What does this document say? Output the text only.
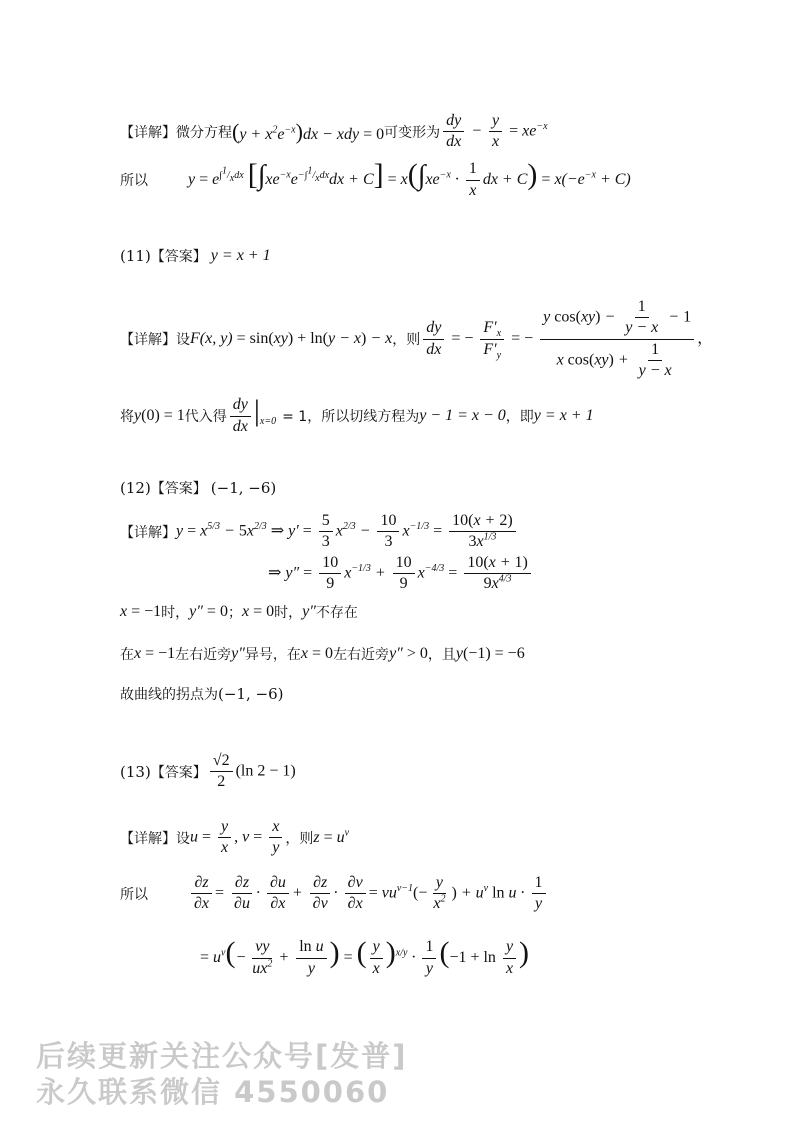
【详解】 微分方程 $(y + x^2e^{-x})dx$ − xdy = 0 可变形为 $\frac{dy}{dx} - \frac{y}{x} = xe^{-x}$
所以	$y = e^{\int^1/_xdx}$ $[\int xe^{-x}e^{-\int^1/_xdx}dx + C] = x(\int xe^{-x} \cdot \frac{1}{x}$ dx + $C) = x(-e^{-x} + C)$
(11) 【答案】 y = x + 1
【详解】 设 F(x, y) = sin(xy) + ln(y − x) − x ，则 $\frac{dy}{dx}$ = − $\frac{F'_x}{F'_y}$ = − $\frac{y \cos(xy) - \frac{1}{y - x} - 1}{x \cos(xy) + \frac{1}{y - x}}$ ，
将 y(0) = 1 代入得 $\frac{dy}{dx} |_{x=0} = 1$，所以切线方程为 y − 1 = x − 0 ，即 y = x + 1
(12) 【答案】 (−1, −6)
【详解】 $y = x^{5/3} - 5x^{2/3}$ ⇒ $y' = \frac{5}{3} x^{2/3} - \frac{10}{3} x^{-1/3} = \frac{10(x + 2)}{3x^{1/3}}$
⇒ $y'' = \frac{10}{9} x^{-1/3} + \frac{10}{9} x^{-4/3} = \frac{10(x + 1)}{9x^{4/3}}$
x = −1 时， y″ = 0 ； x = 0 时， y″ 不存在
在 x = −1 左右近旁 y″ 异号，在 x = 0 左右近旁 y″ > 0 ，且 y(−1) = −6
故曲线的拐点为 (−1, −6)
(13) 【答案】 $\frac{√2}{2} (\ln$ 2 − 1)
【详解】 设 $u = \frac{y}{x}$ , $v = \frac{x}{y}$ ，则 $z = u^v$
所以	$\frac{\partial z}{\partial x} = \frac{\partial z}{\partial u} \cdot \frac{\partial u}{\partial x} + \frac{\partial z}{\partial v} \cdot \frac{\partial v}{\partial x} = vu^{v-1}(- \frac{y}{x^2}$ ) + $u^v$ $\ln u \cdot \frac{1}{y}$
= $u^v(- \frac{vy}{ux^2} + \frac{\text{ln u}}{y}$ ) = ( $\frac{y}{x} )^{x/y} \cdot \frac{1}{y} (-1 + \ln \frac{y}{x}$ )
后续更新关注公众号[发普]
永久联系微信 4550060
